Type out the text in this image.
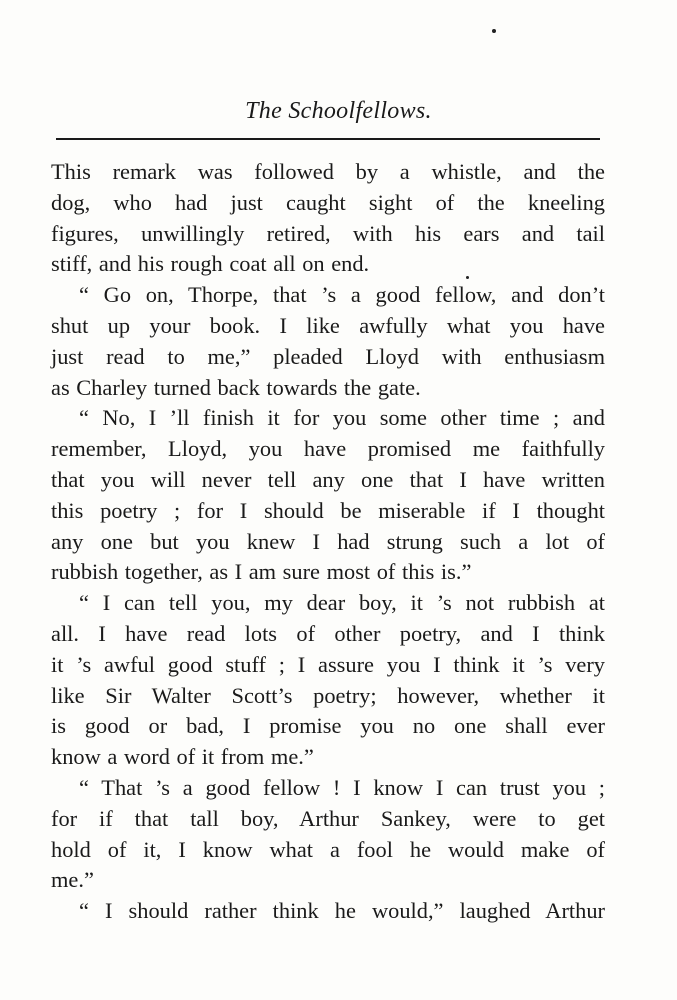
The Schoolfellows.

This remark was followed by a whistle, and the
dog, who had just caught sight of the kneeling
figures, unwillingly retired, with his ears and tail
stiff, and his rough coat all on end.

“ Go on, Thorpe, that ’s a good fellow, and don’t
shut up your book. I like awfully what you have
just read to me,” pleaded Lloyd with enthusiasm
as Charley turned back towards the gate.

“ No, I ’ll finish it for you some other time ; and
remember, Lloyd, you have promised me faithfully
that you will never tell any one that I have written
this poetry ; for I should be miserable if I thought
any one but you knew I had strung such a lot of
rubbish together, as I am sure most of this is.”

“ I can tell you, my dear boy, it ’s not rubbish at
all. I have read lots of other poetry, and I think
it ’s awful good stuff ; I assure you I think it ’s very
like Sir Walter Scott’s poetry; however, whether it
is good or bad, I promise you no one shall ever
know a word of it from me.”

“ That ’s a good fellow ! I know I can trust you ;
for if that tall boy, Arthur Sankey, were to get
hold of it, I know what a fool he would make of
me.”

“ I should rather think he would,” laughed Arthur
